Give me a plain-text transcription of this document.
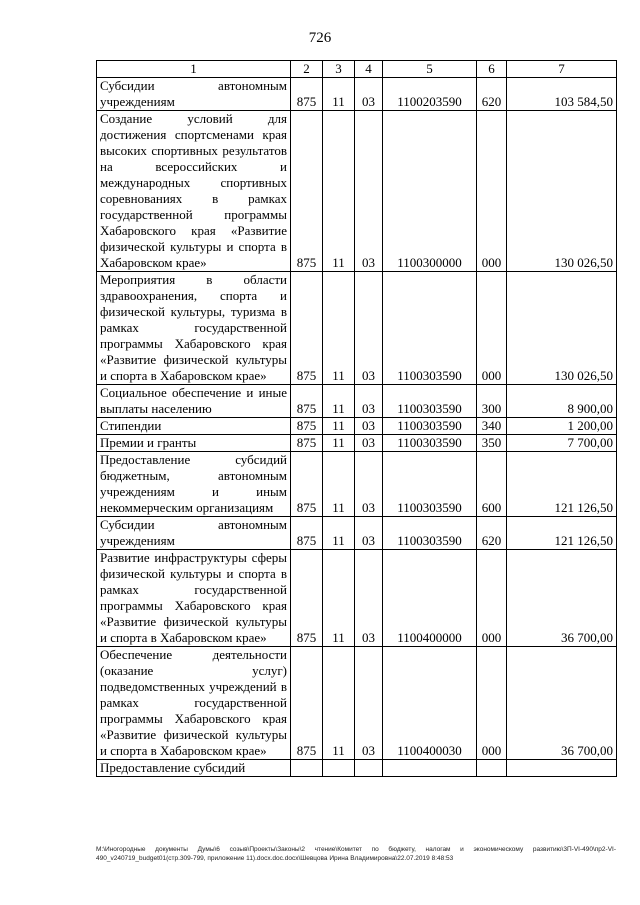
726
1	2	3	4	5	6	7
Субсидии автономным учреждениям	875	11	03	1100203590	620	103 584,50
Создание условий для достижения спортсменами края высоких спортивных результатов на всероссийских и международных спортивных соревнованиях в рамках государственной программы Хабаровского края «Развитие физической культуры и спорта в Хабаровском крае»	875	11	03	1100300000	000	130 026,50
Мероприятия в области здравоохранения, спорта и физической культуры, туризма в рамках государственной программы Хабаровского края «Развитие физической культуры и спорта в Хабаровском крае»	875	11	03	1100303590	000	130 026,50
Социальное обеспечение и иные выплаты населению	875	11	03	1100303590	300	8 900,00
Стипендии	875	11	03	1100303590	340	1 200,00
Премии и гранты	875	11	03	1100303590	350	7 700,00
Предоставление субсидий бюджетным, автономным учреждениям и иным некоммерческим организациям	875	11	03	1100303590	600	121 126,50
Субсидии автономным учреждениям	875	11	03	1100303590	620	121 126,50
Развитие инфраструктуры сферы физической культуры и спорта в рамках государственной программы Хабаровского края «Развитие физической культуры и спорта в Хабаровском крае»	875	11	03	1100400000	000	36 700,00
Обеспечение деятельности (оказание услуг) подведомственных учреждений в рамках государственной программы Хабаровского края «Развитие физической культуры и спорта в Хабаровском крае»	875	11	03	1100400030	000	36 700,00
Предоставление субсидий						
M:\Иногородные документы Думы\6 созыв\Проекты\Законы\2 чтение\Комитет по бюджету, налогам и экономическому развитию\3П-VI-490\пр2-VI-490_v240719_budget01(стр.309-799, приложение 11).docx.doc.docx\Шевцова Ирина Владимировна\22.07.2019 8:48:53
